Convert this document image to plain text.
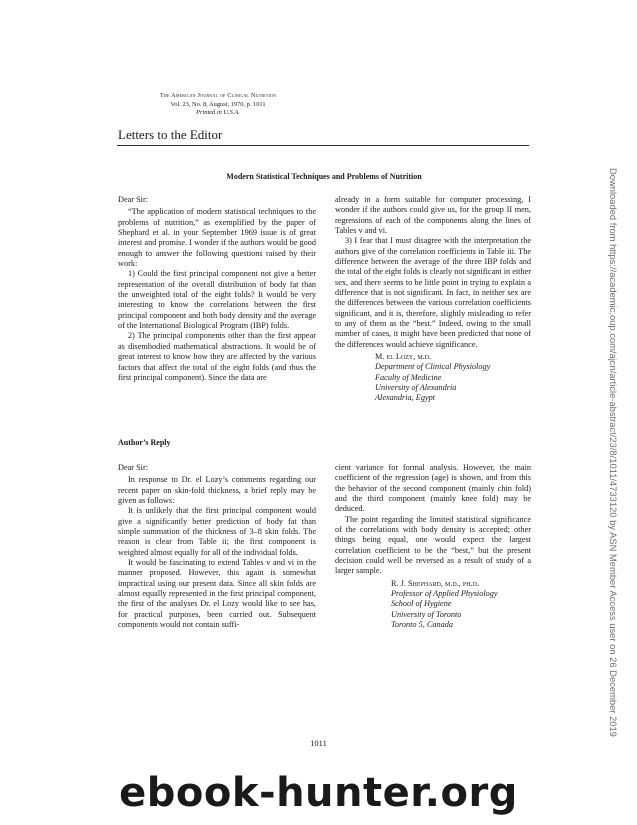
The American Journal of Clinical Nutrition
Vol. 23, No. 8, August, 1970, p. 1011
Printed in U.S.A.
Letters to the Editor
Modern Statistical Techniques and Problems of Nutrition

Dear Sir:

“The application of modern statistical techniques to the problems of nutrition,” as exemplified by the paper of Shephard et al. in your September 1969 issue is of great interest and promise. I wonder if the authors would be good enough to answer the following questions raised by their work:

1) Could the first principal component not give a better representation of the overall distribution of body fat than the unweighted total of the eight folds? It would be very interesting to know the correlations between the first principal component and both body density and the average of the International Biological Program (IBP) folds.

2) The principal components other than the first appear as disembodied mathematical abstractions. It would be of great interest to know how they are affected by the various factors that affect the total of the eight folds (and thus the first principal component). Since the data are

already in a form suitable for computer processing, I wonder if the authors could give us, for the group II men, regressions of each of the components along the lines of Tables v and vi.

3) I fear that I must disagree with the interpretation the authors give of the correlation coefficients in Table iii. The difference between the average of the three IBP folds and the total of the eight folds is clearly not significant in either sex, and there seems to be little point in trying to explain a difference that is not significant. In fact, in neither sex are the differences between the various correlation coefficients significant, and it is, therefore, slightly misleading to refer to any of them as the “best.” Indeed, owing to the small number of cases, it might have been predicted that none of the differences would achieve significance.

M. el Lozy, m.d.
Department of Clinical Physiology
Faculty of Medicine
University of Alexandria
Alexandria, Egypt
Author’s Reply

Dear Sir:

In response to Dr. el Lozy’s comments regarding our recent paper on skin-fold thickness, a brief reply may be given as follows:

It is unlikely that the first principal component would give a significantly better prediction of body fat than simple summation of the thickness of 3–8 skin folds. The reason is clear from Table ii; the first component is weighted almost equally for all of the individual folds.

It would be fascinating to extend Tables v and vi in the manner proposed. However, this again is somewhat impractical using our present data. Since all skin folds are almost equally represented in the first principal component, the first of the analyses Dr. el Lozy would like to see has, for practical purposes, been carried out. Subsequent components would not contain suffi-

cient variance for formal analysis. However, the main coefficient of the regression (age) is shown, and from this the behavior of the second component (mainly chin fold) and the third component (mainly knee fold) may be deduced.

The point regarding the limited statistical significance of the correlations with body density is accepted; other things being equal, one would expect the largest correlation coefficient to be the “best,” but the present decision could well be reversed as a result of study of a larger sample.

R. J. Shephard, m.d., ph.d.
Professor of Applied Physiology
School of Hygiene
University of Toronto
Toronto 5, Canada
1011
Downloaded from https://academic.oup.com/ajcn/article-abstract/23/8/1011/4733120 by ASN Member Access user on 26 December 2019
ebook-hunter.org
